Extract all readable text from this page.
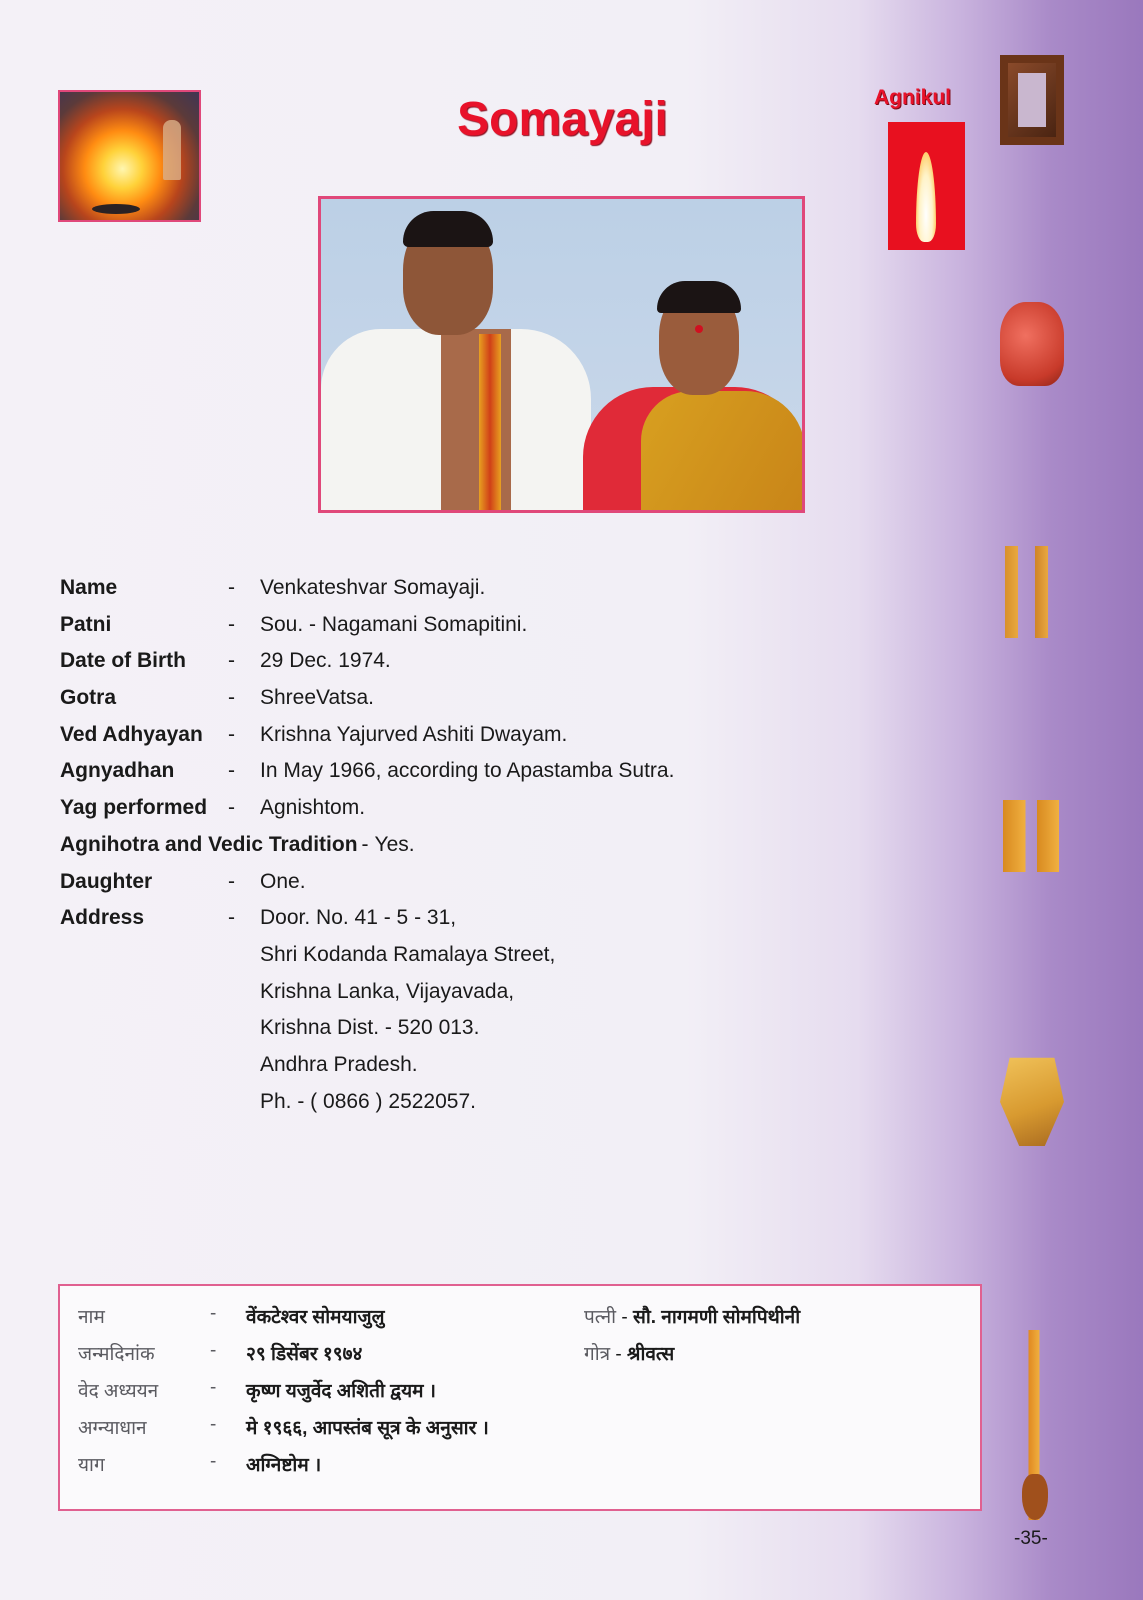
Somayaji	Agnikul
Name	- Venkateshvar Somayaji.
Patni	- Sou. - Nagamani Somapitini.
Date of Birth - 29 Dec. 1974.
Gotra	- ShreeVatsa.
Ved Adhyayan - Krishna Yajurved Ashiti Dwayam.
Agnyadhan	- In May 1966, according to Apastamba Sutra.
Yag performed - Agnishtom.
Agnihotra and Vedic Tradition - Yes.
Daughter	- One.
Address	- Door. No. 41 - 5 - 31,
Shri Kodanda Ramalaya Street,
Krishna Lanka, Vijayavada,
Krishna Dist. - 520 013.
Andhra Pradesh.
Ph. - ( 0866 ) 2522057.
नाम	- वेंकटेश्वर सोमयाजुलु
जन्मदिनांक	- २९ डिसेंबर १९७४
वेद अध्ययन	- कृष्ण यजुर्वेद अशिती द्वयम ।
अग्न्याधान	- मे १९६६, आपस्तंब सूत्र के अनुसार ।
याग	- अग्निष्टोम ।
पत्नी - सौ. नागमणी सोमपिथीनी
गोत्र - श्रीवत्स
-35-
